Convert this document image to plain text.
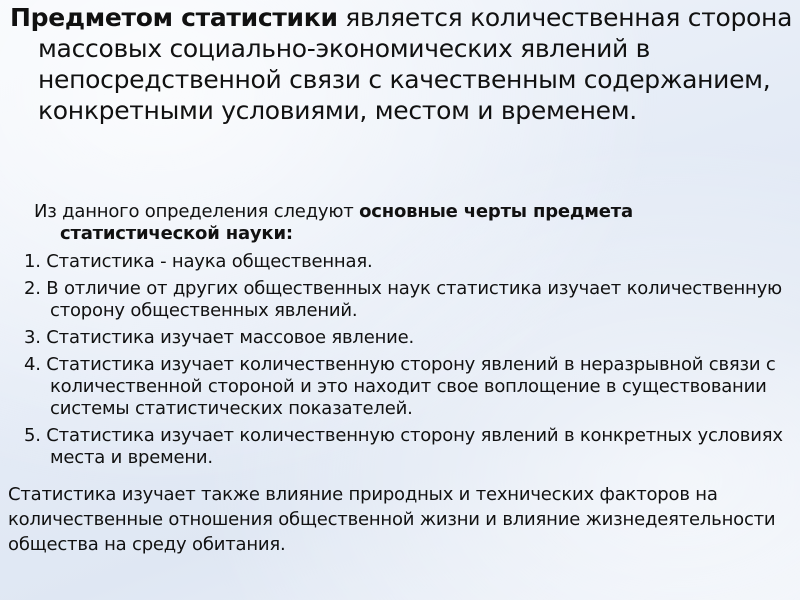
Предметом статистики является количественная сторона массовых социально-экономических явлений в непосредственной связи с качественным содержанием, конкретными условиями, местом и временем.

Из данного определения следуют основные черты предмета статистической науки:

1. Статистика - наука общественная.

2. В отличие от других общественных наук статистика изучает количественную сторону общественных явлений.

3. Статистика изучает массовое явление.

4. Статистика изучает количественную сторону явлений в неразрывной связи с количественной стороной и это находит свое воплощение в существовании системы статистических показателей.

5. Статистика изучает количественную сторону явлений в конкретных условиях места и времени.

Статистика изучает также влияние природных и технических факторов на количественные отношения общественной жизни и влияние жизнедеятельности общества на среду обитания.
